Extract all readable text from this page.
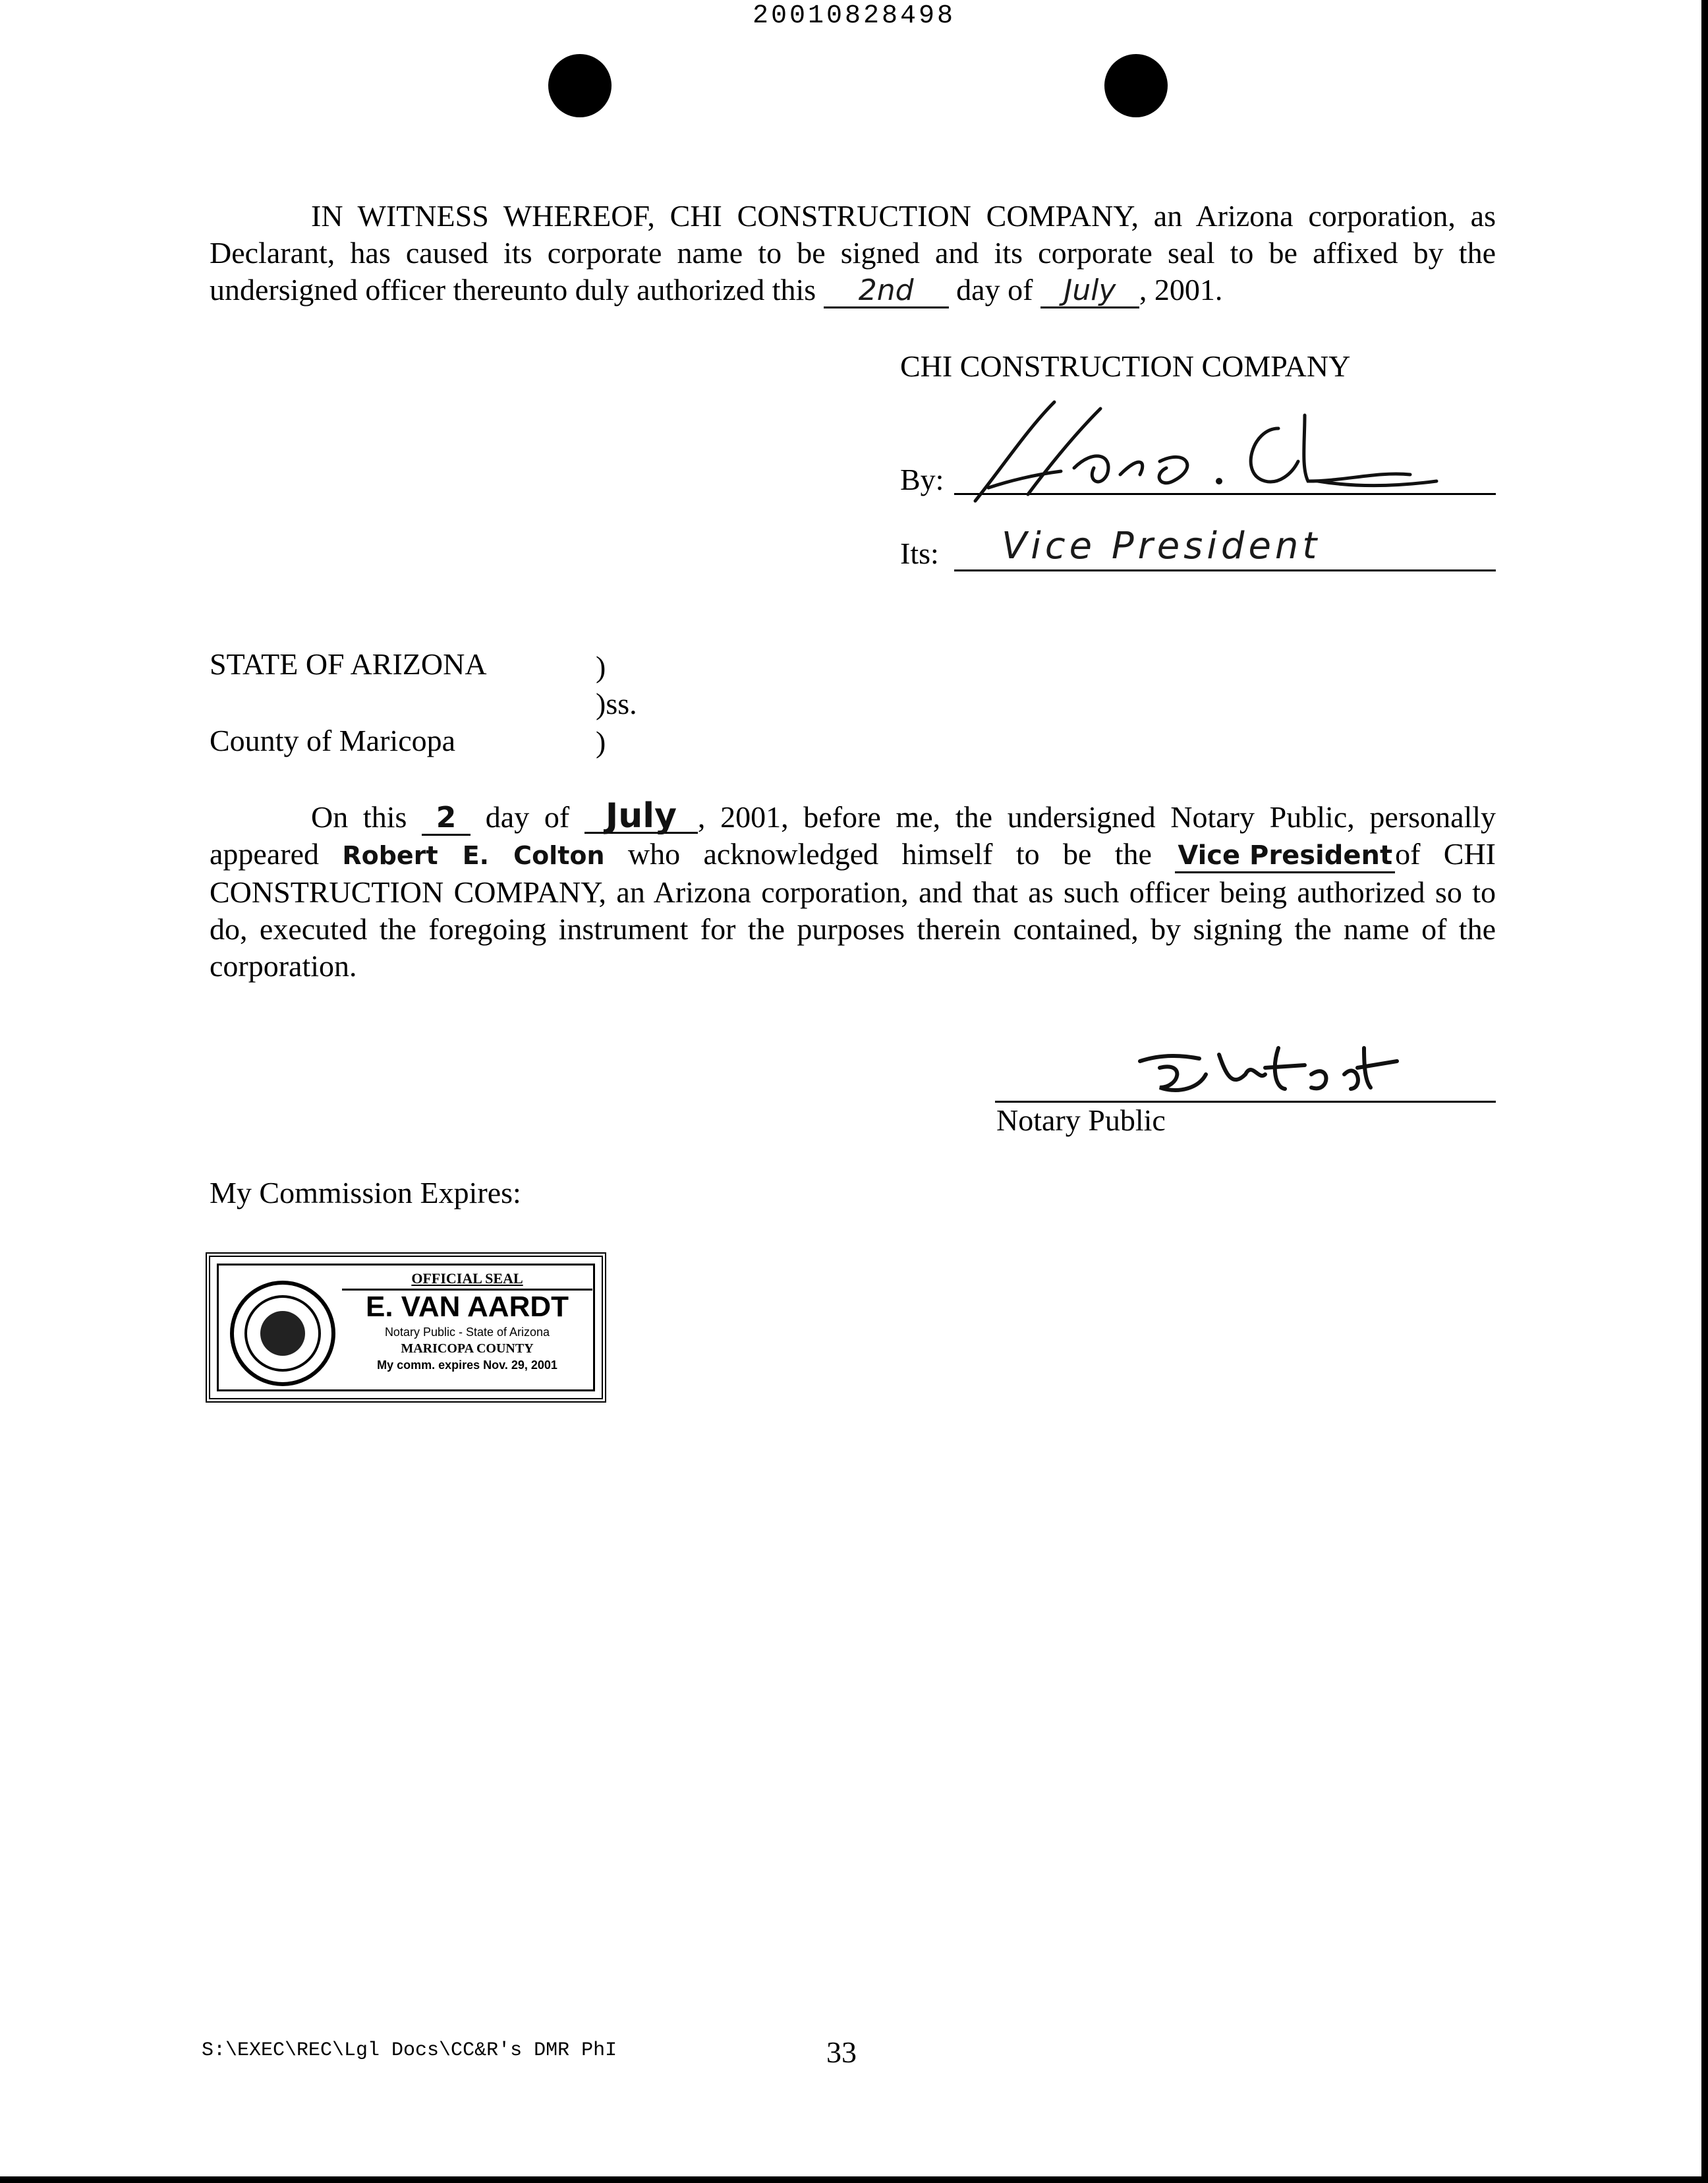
20010828498

IN WITNESS WHEREOF, CHI CONSTRUCTION COMPANY, an Arizona corporation, as Declarant, has caused its corporate name to be signed and its corporate seal to be affixed by the undersigned officer thereunto duly authorized this 2nd day of July , 2001.

CHI CONSTRUCTION COMPANY
By:
Its: Vice President
STATE OF ARIZONA	)
)ss.
County of Maricopa	)

On this 2 day of July , 2001, before me, the undersigned Notary Public, personally appeared Robert E. Colton who acknowledged himself to be the Vice Presidentof CHI CONSTRUCTION COMPANY, an Arizona corporation, and that as such officer being authorized so to do, executed the foregoing instrument for the purposes therein contained, by signing the name of the corporation.

Notary Public
My Commission Expires:
OFFICIAL SEAL
E. VAN AARDT
Notary Public - State of Arizona
MARICOPA COUNTY
My comm. expires Nov. 29, 2001
S:\EXEC\REC\Lgl Docs\CC&R's DMR PhI	33
